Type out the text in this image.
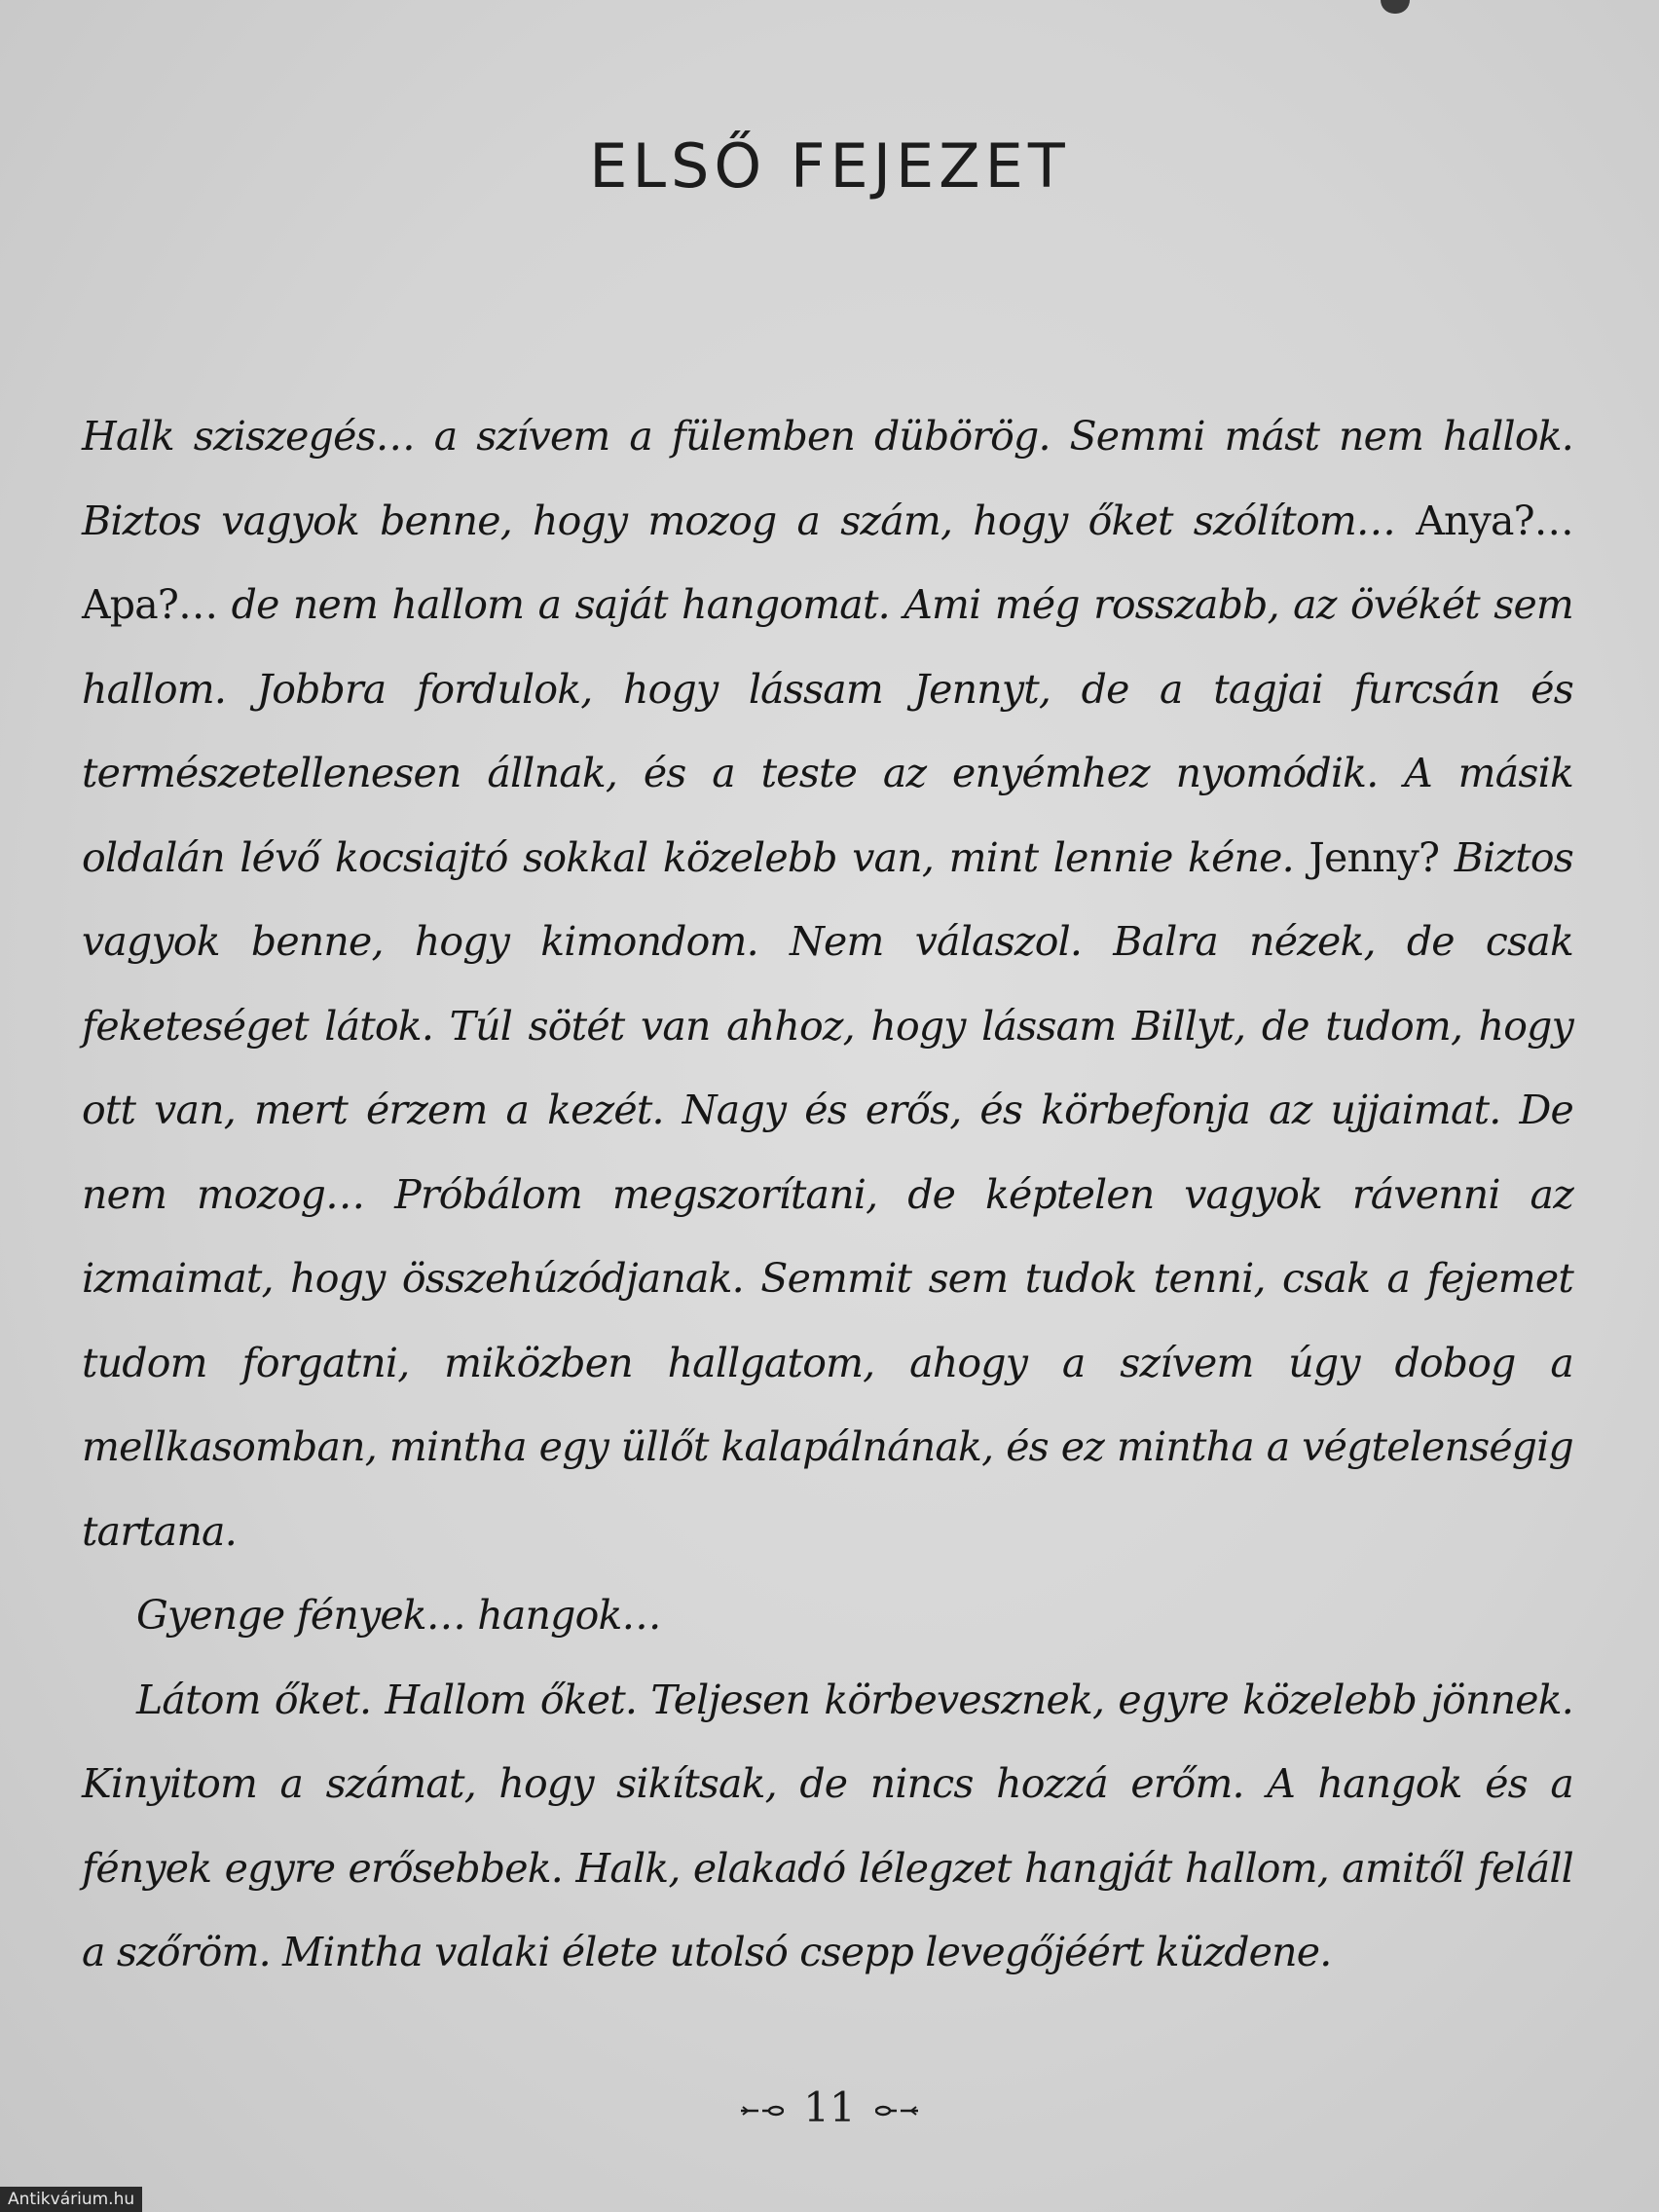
ELSŐ FEJEZET

Halk sziszegés… a szívem a fülemben dübörög. Semmi mást nem hallok. Biztos vagyok benne, hogy mozog a szám, hogy őket szólítom… Anya?… Apa?… de nem hallom a saját hangomat. Ami még rosszabb, az övékét sem hallom. Jobbra fordulok, hogy lássam Jennyt, de a tagjai furcsán és természetellenesen állnak, és a teste az enyémhez nyomódik. A másik oldalán lévő kocsiajtó sokkal közelebb van, mint lennie kéne. Jenny? Biztos vagyok benne, hogy kimondom. Nem válaszol. Balra nézek, de csak feketeséget látok. Túl sötét van ahhoz, hogy lássam Billyt, de tudom, hogy ott van, mert érzem a kezét. Nagy és erős, és körbefonja az ujjaimat. De nem mozog… Próbálom megszorítani, de képtelen vagyok rávenni az izmaimat, hogy összehúzódjanak. Semmit sem tudok tenni, csak a fejemet tudom forgatni, miközben hallgatom, ahogy a szívem úgy dobog a mellkasomban, mintha egy üllőt kalapálnának, és ez mintha a végtelenségig tartana.

Gyenge fények… hangok…

Látom őket. Hallom őket. Teljesen körbevesznek, egyre közelebb jönnek. Kinyitom a számat, hogy sikítsak, de nincs hozzá erőm. A hangok és a fények egyre erősebbek. Halk, elakadó lélegzet hangját hallom, amitől feláll a szőröm. Mintha valaki élete utolsó csepp levegőjéért küzdene.

11
Antikvárium.hu
